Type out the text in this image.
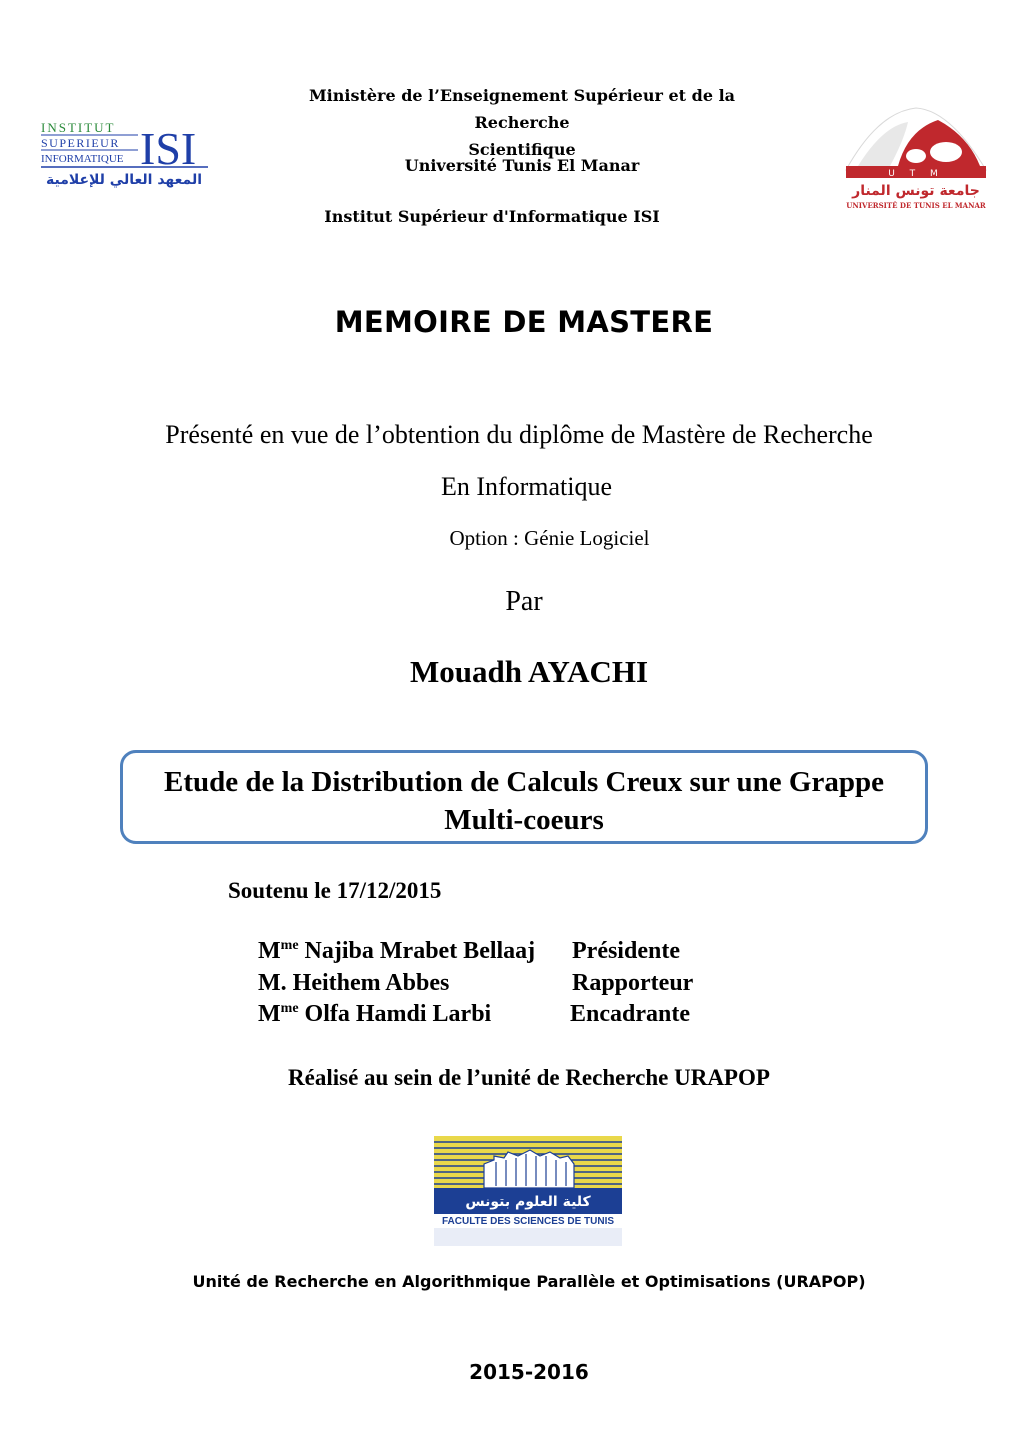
Ministère de l’Enseignement Supérieur et de la Recherche
Scientifique
Université Tunis El Manar
Institut Supérieur d'Informatique ISI
INSTITUT
SUPERIEUR
INFORMATIQUE ISI
المعهد العالي للإعلامية	U T M
جامعة تونس المنار
UNIVERSITÉ DE TUNIS EL MANAR
MEMOIRE DE MASTERE
Présenté en vue de l’obtention du diplôme de Mastère de Recherche
En Informatique
Option : Génie Logiciel
Par
Mouadh AYACHI
Etude de la Distribution de Calculs Creux sur une Grappe
Multi-coeurs
Soutenu le 17/12/2015
$M^{me}$ Najiba Mrabet Bellaaj Présidente
M. Heithem Abbes	Rapporteur
$M^{me}$ Olfa Hamdi Larbi	Encadrante
Réalisé au sein de l’unité de Recherche URAPOP
كلية العلوم بتونس
FACULTE DES SCIENCES DE TUNIS
Unité de Recherche en Algorithmique Parallèle et Optimisations (URAPOP)
2015-2016
